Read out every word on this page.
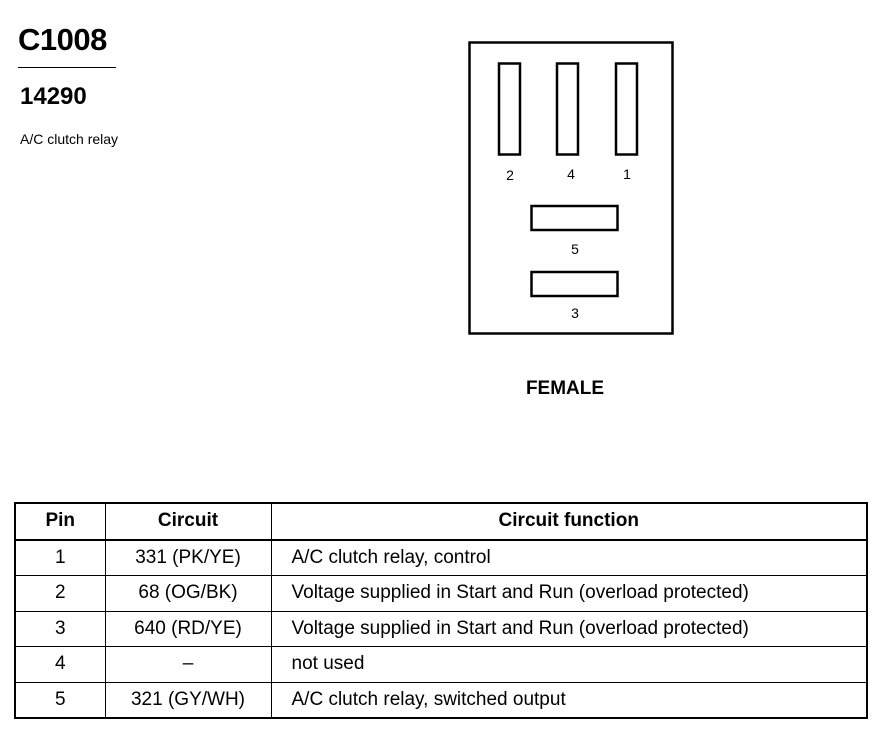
C1008
14290
A/C clutch relay
2	4	1
5
3
FEMALE
Pin	Circuit	Circuit function
1	331 (PK/YE)	A/C clutch relay, control
2	68 (OG/BK)	Voltage supplied in Start and Run (overload protected)
3	640 (RD/YE)	Voltage supplied in Start and Run (overload protected)
4	–	not used
5	321 (GY/WH)	A/C clutch relay, switched output
